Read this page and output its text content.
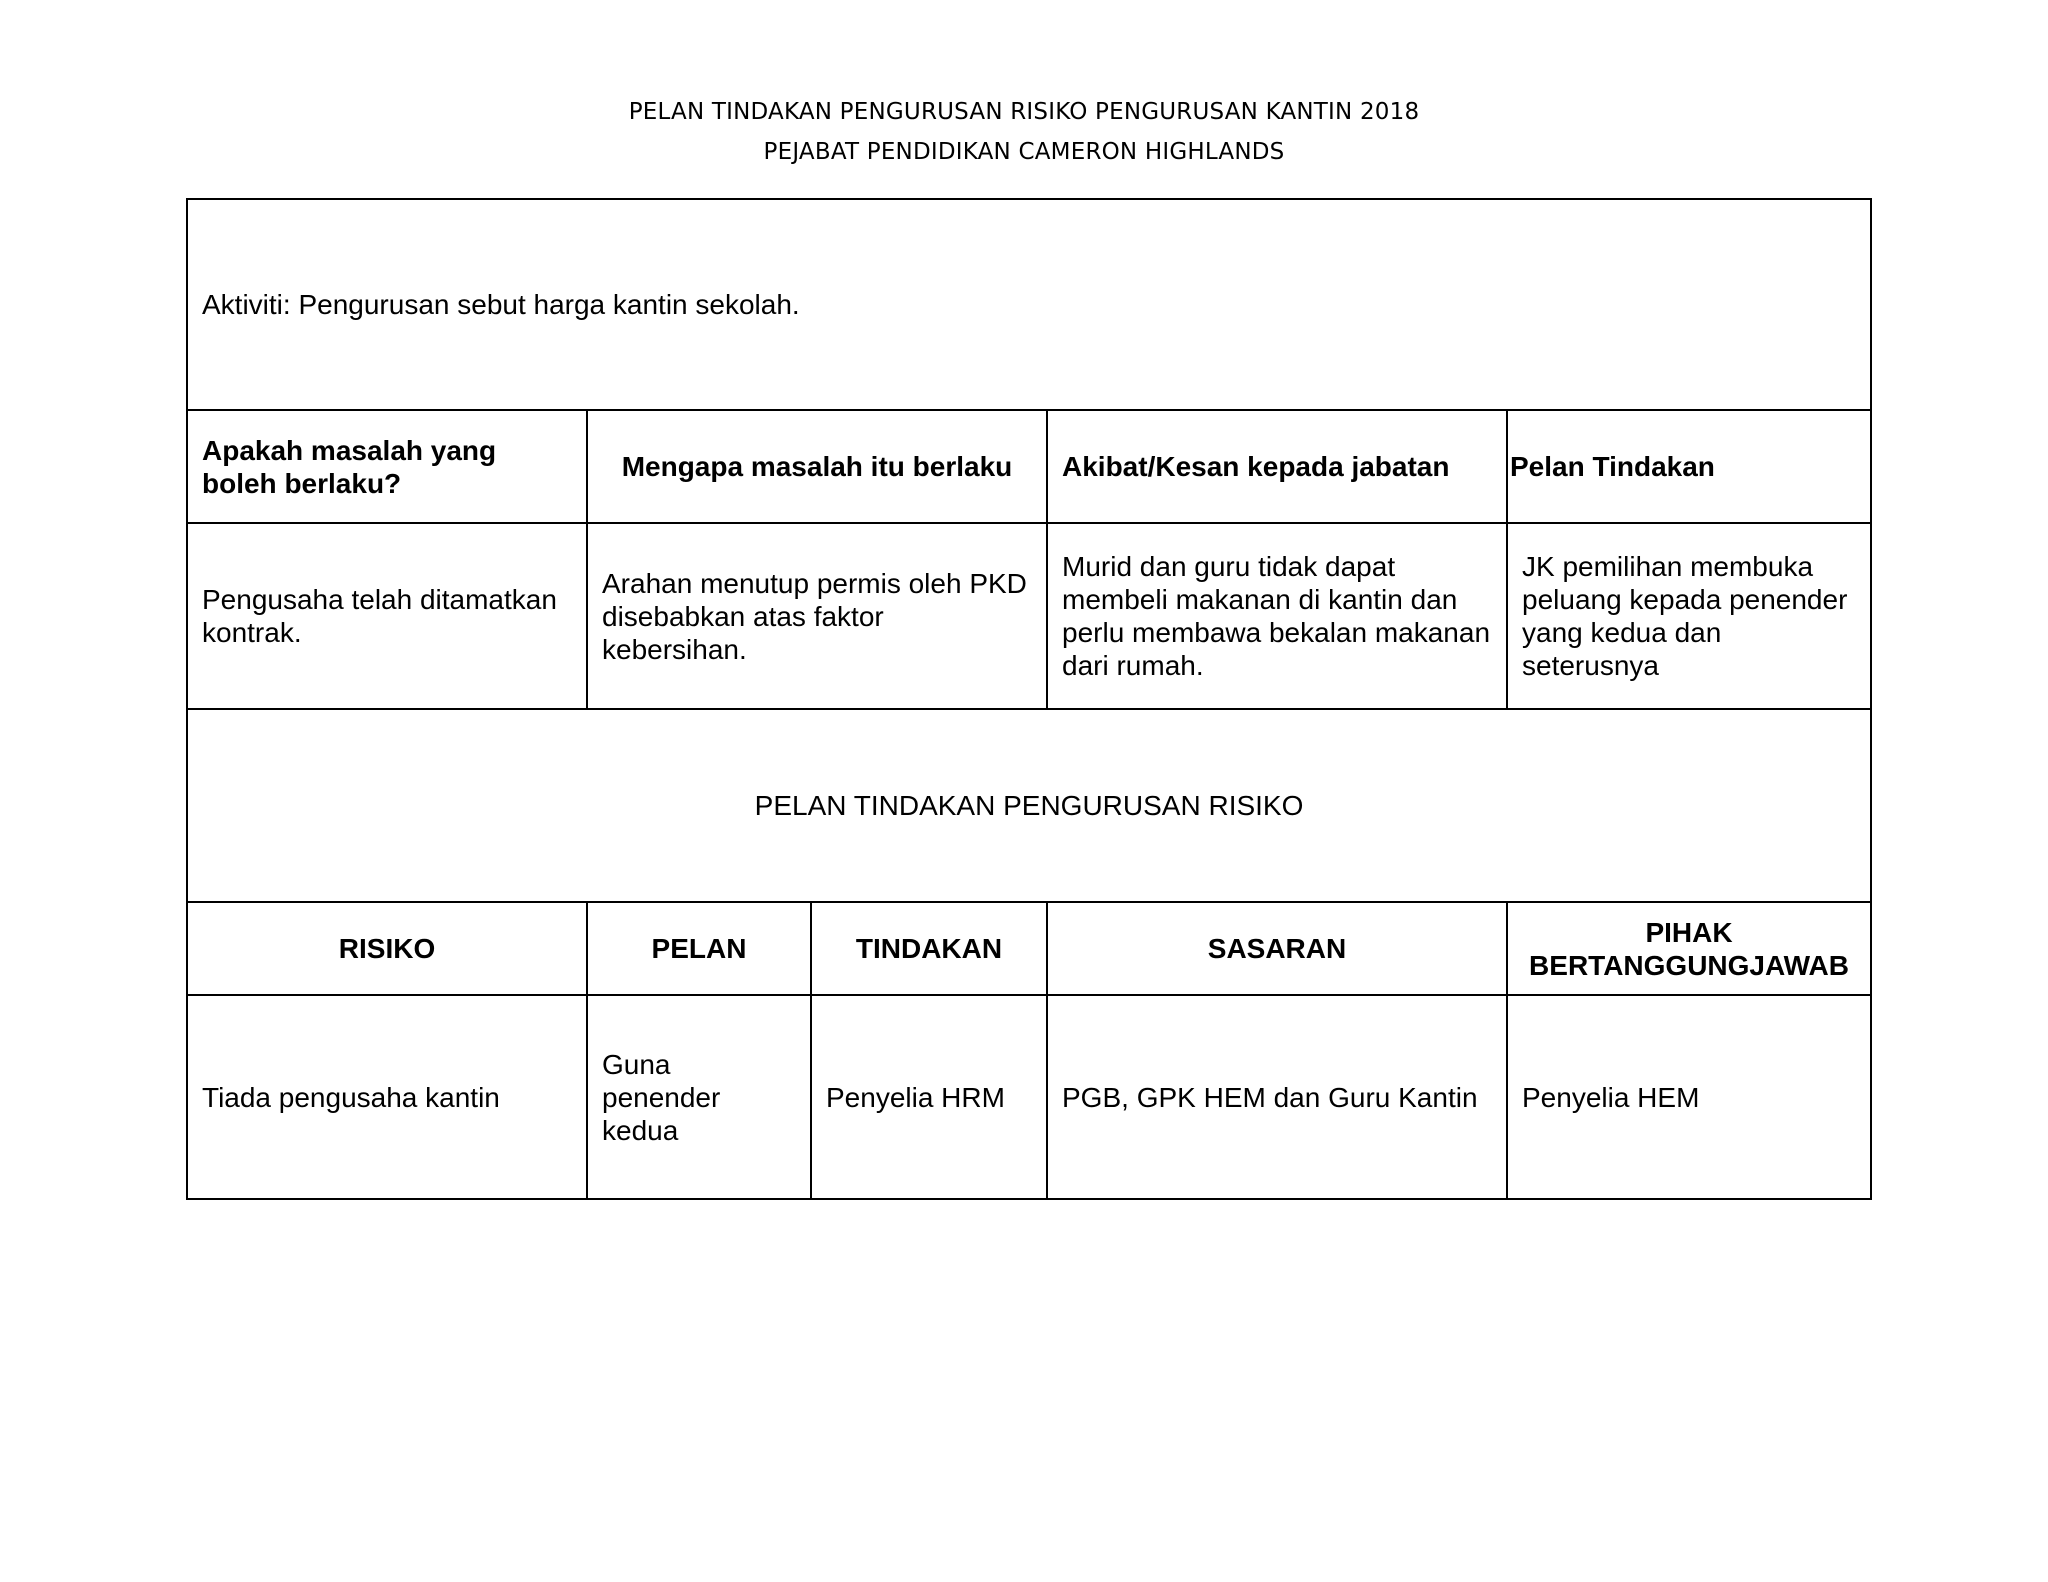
PELAN TINDAKAN PENGURUSAN RISIKO PENGURUSAN KANTIN 2018
PEJABAT PENDIDIKAN CAMERON HIGHLANDS
Aktiviti: Pengurusan sebut harga kantin sekolah.				
Apakah masalah yang boleh berlaku?	Mengapa masalah itu berlaku		Akibat/Kesan kepada jabatan	Pelan Tindakan
Pengusaha telah ditamatkan kontrak.	Arahan menutup permis oleh PKD disebabkan atas faktor kebersihan.		Murid dan guru tidak dapat membeli makanan di kantin dan perlu membawa bekalan makanan dari rumah.	JK pemilihan membuka peluang kepada penender yang kedua dan seterusnya
PELAN TINDAKAN PENGURUSAN RISIKO				
RISIKO	PELAN	TINDAKAN	SASARAN	PIHAK BERTANGGUNGJAWAB
Tiada pengusaha kantin	Guna penender kedua	Penyelia HRM	PGB, GPK HEM dan Guru Kantin	Penyelia HEM
